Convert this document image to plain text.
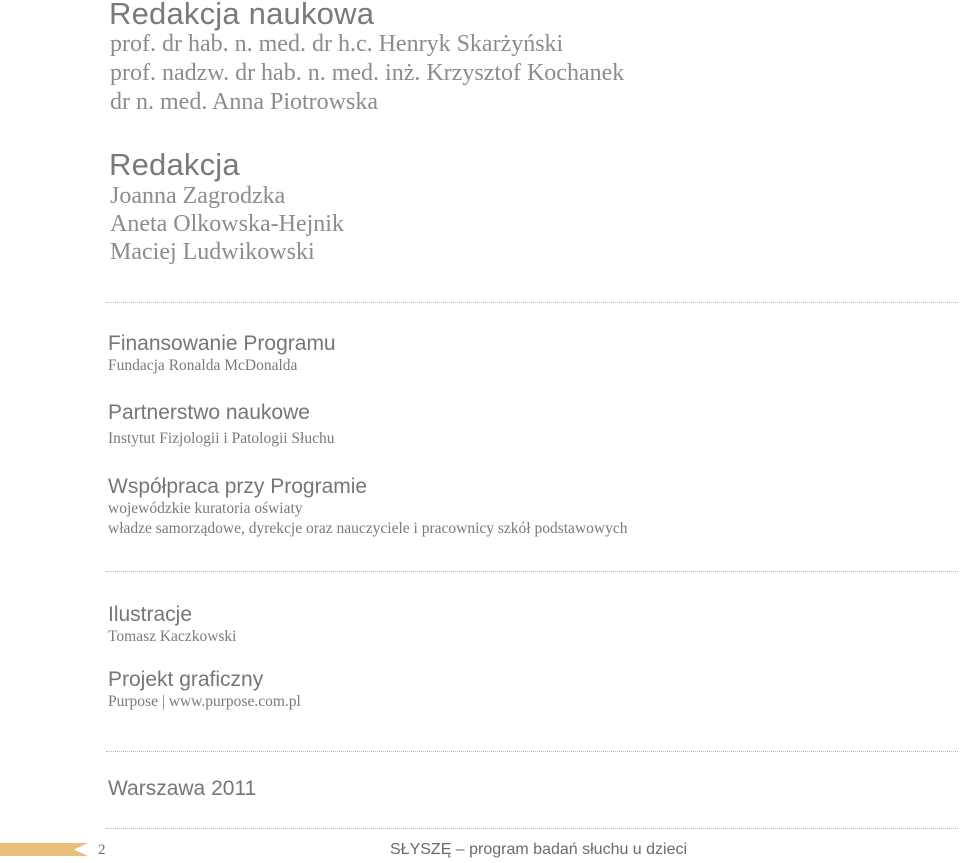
Redakcja naukowa
prof. dr hab. n. med. dr h.c. Henryk Skarżyński
prof. nadzw. dr hab. n. med. inż. Krzysztof Kochanek
dr n. med. Anna Piotrowska
Redakcja
Joanna Zagrodzka
Aneta Olkowska-Hejnik
Maciej Ludwikowski
Finansowanie Programu
Fundacja Ronalda McDonalda
Partnerstwo naukowe
Instytut Fizjologii i Patologii Słuchu
Współpraca przy Programie
wojewódzkie kuratoria oświaty
władze samorządowe, dyrekcje oraz nauczyciele i pracownicy szkół podstawowych
Ilustracje
Tomasz Kaczkowski
Projekt graficzny
Purpose | www.purpose.com.pl
Warszawa 2011
2	SŁYSZĘ – program badań słuchu u dzieci
